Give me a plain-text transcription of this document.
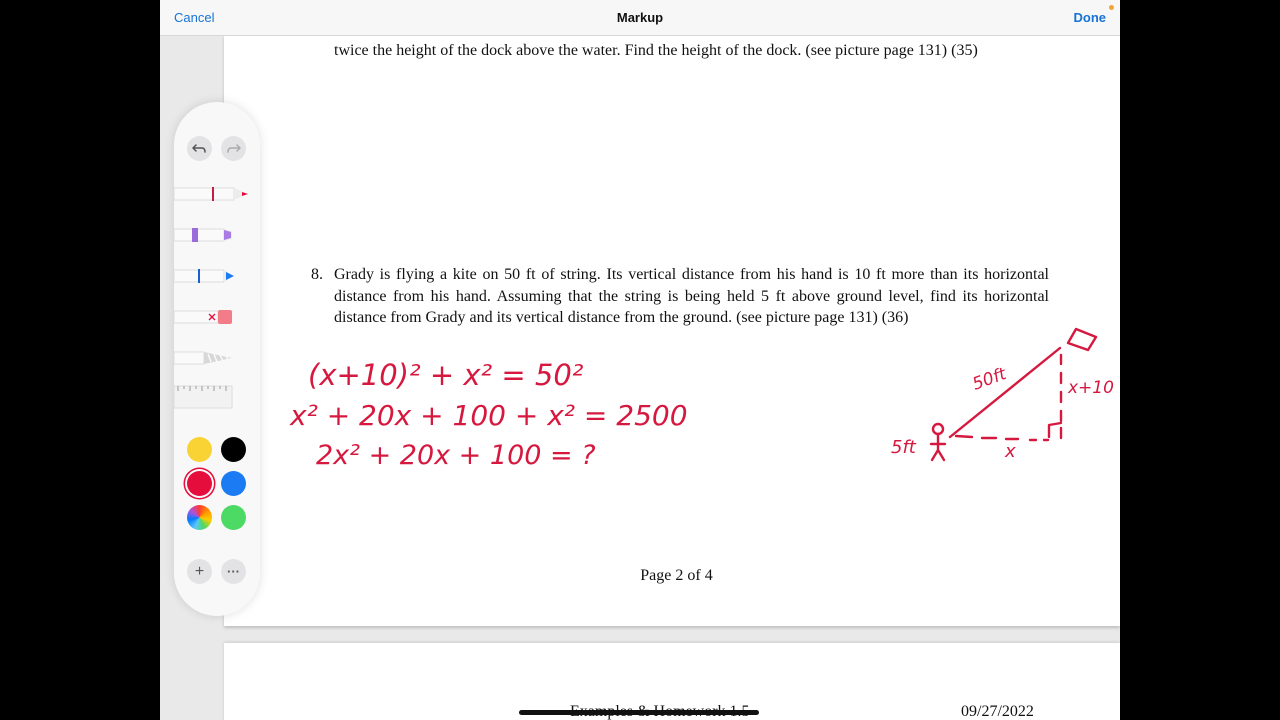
Cancel	Markup	Done
twice the height of the dock above the water. Find the height of the dock. (see picture page 131) (35)
8. Grady is flying a kite on 50 ft of string. Its vertical distance from his hand is 10 ft more than its horizontal distance from his hand. Assuming that the string is being held 5 ft above ground level, find its horizontal distance from Grady and its vertical distance from the ground. (see picture page 131) (36)
Page 2 of 4
09/27/2022
(x+10)² + x² = 50²
x² + 20x + 100 + x² = 2500
2x² + 20x + 100 = ?
50ft	x+10
5ft	x
+	···
